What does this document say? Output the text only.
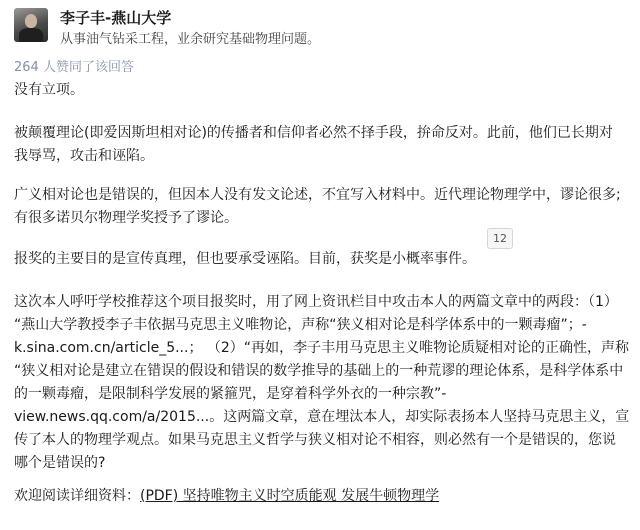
李子丰-燕山大学
从事油气钻采工程，业余研究基础物理问题。
264 人赞同了该回答
没有立项。
被颠覆理论(即爱因斯坦相对论)的传播者和信仰者必然不择手段，拚命反对。此前，他们已长期对
我辱骂，攻击和诬陷。
广义相对论也是错误的，但因本人没有发文论述，不宜写入材料中。近代理论物理学中，谬论很多;
有很多诺贝尔物理学奖授予了谬论。
12
报奖的主要目的是宣传真理，但也要承受诬陷。目前，获奖是小概率事件。
这次本人呼吁学校推荐这个项目报奖时，用了网上资讯栏目中攻击本人的两篇文章中的两段：（1）
“燕山大学教授李子丰依据马克思主义唯物论，声称“狭义相对论是科学体系中的一颗毒瘤”；-
k.sina.com.cn/article_5...； （2）“再如，李子丰用马克思主义唯物论质疑相对论的正确性，声称
“狭义相对论是建立在错误的假设和错误的数学推导的基础上的一种荒谬的理论体系，是科学体系中
的一颗毒瘤，是限制科学发展的紧箍咒，是穿着科学外衣的一种宗教”-
view.news.qq.com/a/2015...。这两篇文章，意在埋汰本人，却实际表扬本人坚持马克思主义，宣
传了本人的物理学观点。如果马克思主义哲学与狭义相对论不相容，则必然有一个是错误的，您说
哪个是错误的?
欢迎阅读详细资料：(PDF) 坚持唯物主义时空质能观 发展牛顿物理学
